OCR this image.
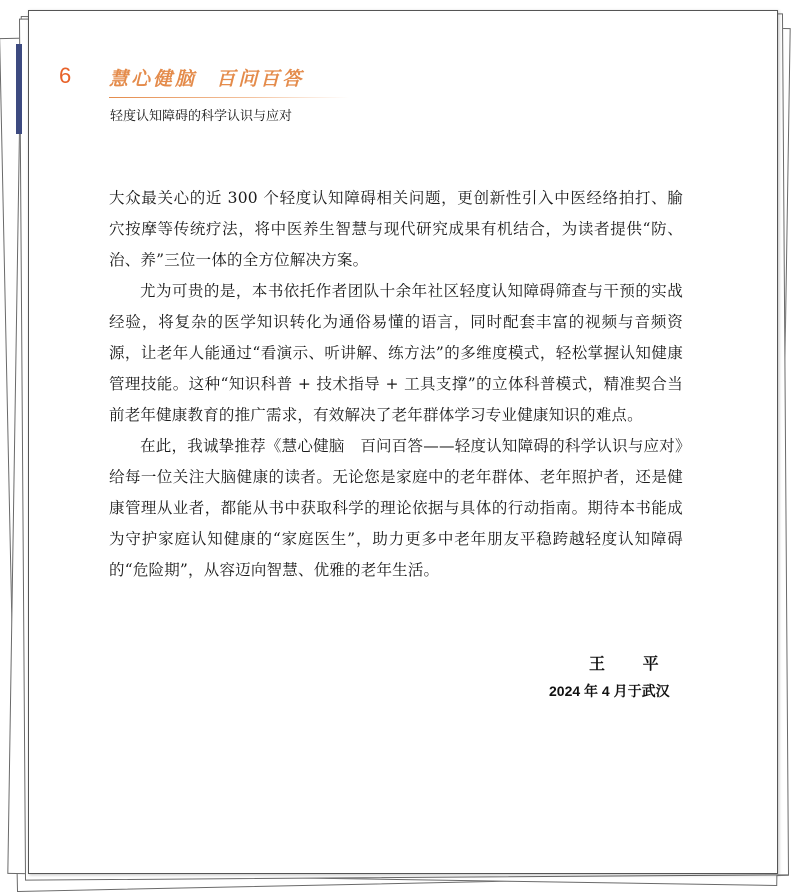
6 慧心健脑  百问百答
轻度认知障碍的科学认识与应对

大众最关心的近 300 个轻度认知障碍相关问题，更创新性引入中医经络拍打、腧穴按摩等传统疗法，将中医养生智慧与现代研究成果有机结合，为读者提供“防、治、养”三位一体的全方位解决方案。

尤为可贵的是，本书依托作者团队十余年社区轻度认知障碍筛查与干预的实战经验，将复杂的医学知识转化为通俗易懂的语言，同时配套丰富的视频与音频资源，让老年人能通过“看演示、听讲解、练方法”的多维度模式，轻松掌握认知健康管理技能。这种“知识科普 + 技术指导 + 工具支撑”的立体科普模式，精准契合当前老年健康教育的推广需求，有效解决了老年群体学习专业健康知识的难点。

在此，我诚挚推荐《慧心健脑　百问百答——轻度认知障碍的科学认识与应对》给每一位关注大脑健康的读者。无论您是家庭中的老年群体、老年照护者，还是健康管理从业者，都能从书中获取科学的理论依据与具体的行动指南。期待本书能成为守护家庭认知健康的“家庭医生”，助力更多中老年朋友平稳跨越轻度认知障碍的“危险期”，从容迈向智慧、优雅的老年生活。

王 平
2024 年 4 月于武汉
